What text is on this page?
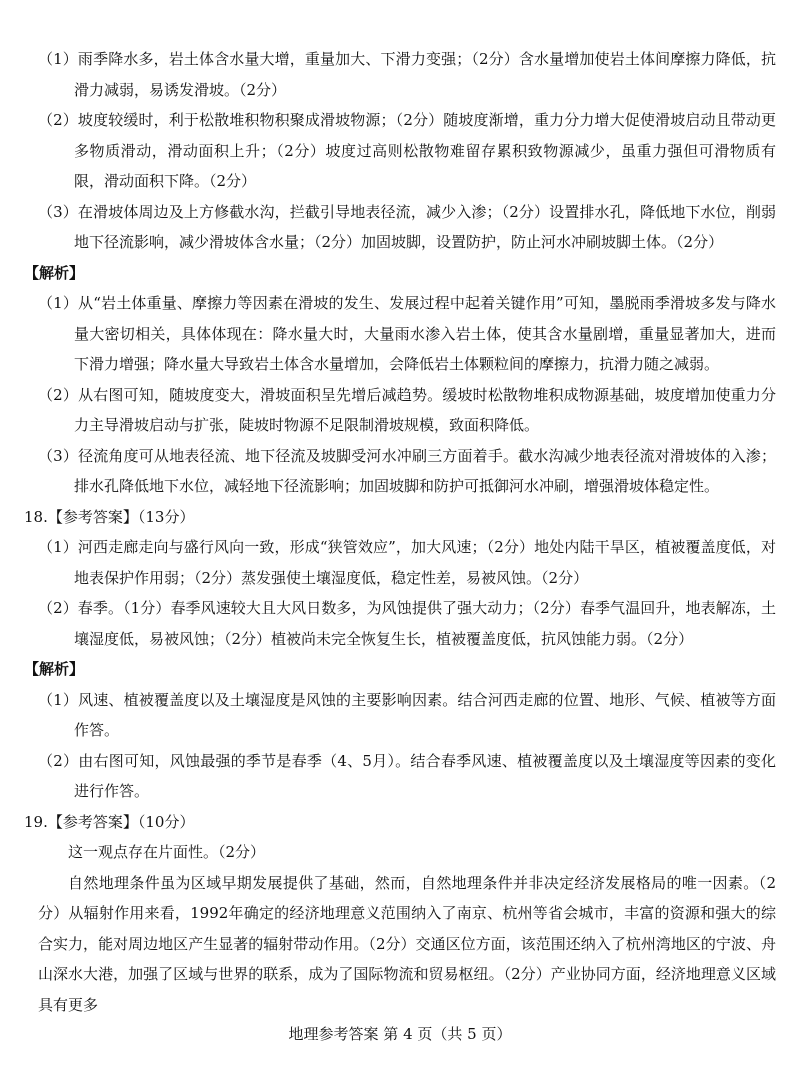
（1）雨季降水多，岩土体含水量大增，重量加大、下滑力变强；（2分）含水量增加使岩土体间摩擦力降低，抗滑力减弱，易诱发滑坡。（2分）

（2）坡度较缓时，利于松散堆积物积聚成滑坡物源；（2分）随坡度渐增，重力分力增大促使滑坡启动且带动更多物质滑动，滑动面积上升；（2分）坡度过高则松散物难留存累积致物源减少，虽重力强但可滑物质有限，滑动面积下降。（2分）

（3）在滑坡体周边及上方修截水沟，拦截引导地表径流，减少入渗；（2分）设置排水孔，降低地下水位，削弱地下径流影响，减少滑坡体含水量；（2分）加固坡脚，设置防护，防止河水冲刷坡脚土体。（2分）

【解析】

（1）从“岩土体重量、摩擦力等因素在滑坡的发生、发展过程中起着关键作用”可知，墨脱雨季滑坡多发与降水量大密切相关，具体体现在：降水量大时，大量雨水渗入岩土体，使其含水量剧增，重量显著加大，进而下滑力增强；降水量大导致岩土体含水量增加，会降低岩土体颗粒间的摩擦力，抗滑力随之减弱。

（2）从右图可知，随坡度变大，滑坡面积呈先增后减趋势。缓坡时松散物堆积成物源基础，坡度增加使重力分力主导滑坡启动与扩张，陡坡时物源不足限制滑坡规模，致面积降低。

（3）径流角度可从地表径流、地下径流及坡脚受河水冲刷三方面着手。截水沟减少地表径流对滑坡体的入渗；排水孔降低地下水位，减轻地下径流影响；加固坡脚和防护可抵御河水冲刷，增强滑坡体稳定性。

18.【参考答案】（13分）

（1）河西走廊走向与盛行风向一致，形成“狭管效应”，加大风速；（2分）地处内陆干旱区，植被覆盖度低，对地表保护作用弱；（2分）蒸发强使土壤湿度低，稳定性差，易被风蚀。（2分）

（2）春季。（1分）春季风速较大且大风日数多，为风蚀提供了强大动力；（2分）春季气温回升，地表解冻，土壤湿度低，易被风蚀；（2分）植被尚未完全恢复生长，植被覆盖度低，抗风蚀能力弱。（2分）

【解析】

（1）风速、植被覆盖度以及土壤湿度是风蚀的主要影响因素。结合河西走廊的位置、地形、气候、植被等方面作答。

（2）由右图可知，风蚀最强的季节是春季（4、5月）。结合春季风速、植被覆盖度以及土壤湿度等因素的变化进行作答。

19.【参考答案】（10分）

这一观点存在片面性。（2分）

自然地理条件虽为区域早期发展提供了基础，然而，自然地理条件并非决定经济发展格局的唯一因素。（2分）从辐射作用来看，1992年确定的经济地理意义范围纳入了南京、杭州等省会城市，丰富的资源和强大的综合实力，能对周边地区产生显著的辐射带动作用。（2分）交通区位方面，该范围还纳入了杭州湾地区的宁波、舟山深水大港，加强了区域与世界的联系，成为了国际物流和贸易枢纽。（2分）产业协同方面，经济地理意义区域具有更多

地理参考答案 第 4 页（共 5 页）
